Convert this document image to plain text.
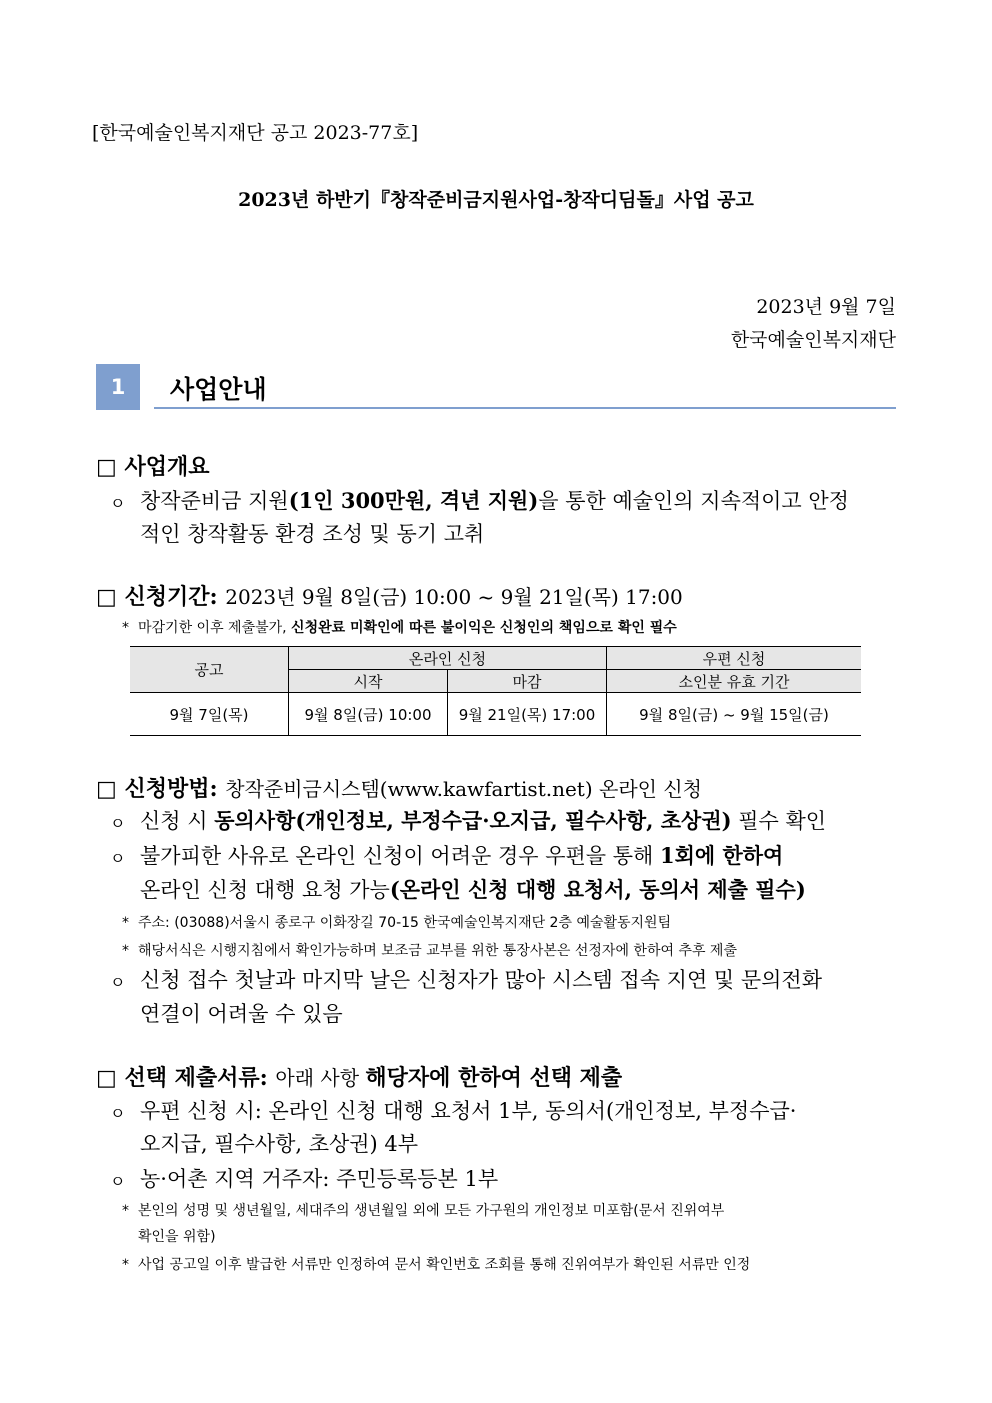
[한국예술인복지재단 공고 2023-77호]
2023년 하반기『창작준비금지원사업-창작디딤돌』사업 공고
2023년 9월 7일
한국예술인복지재단
1	사업안내
□ 사업개요
ㅇ 창작준비금 지원(1인 300만원, 격년 지원)을 통한 예술인의 지속적이고 안정
적인 창작활동 환경 조성 및 동기 고취
□ 신청기간: 2023년 9월 8일(금) 10:00 ~ 9월 21일(목) 17:00
* 마감기한 이후 제출불가, 신청완료 미확인에 따른 불이익은 신청인의 책임으로 확인 필수
공고	온라인 신청		우편 신청
	시작	마감	소인분 유효 기간
9월 7일(목)	9월 8일(금) 10:00	9월 21일(목) 17:00	9월 8일(금) ~ 9월 15일(금)
□ 신청방법: 창작준비금시스템(www.kawfartist.net) 온라인 신청
ㅇ 신청 시 동의사항(개인정보, 부정수급·오지급, 필수사항, 초상권) 필수 확인
ㅇ 불가피한 사유로 온라인 신청이 어려운 경우 우편을 통해 1회에 한하여
온라인 신청 대행 요청 가능(온라인 신청 대행 요청서, 동의서 제출 필수)
* 주소: (03088)서울시 종로구 이화장길 70-15 한국예술인복지재단 2층 예술활동지원팀
* 해당서식은 시행지침에서 확인가능하며 보조금 교부를 위한 통장사본은 선정자에 한하여 추후 제출
ㅇ 신청 접수 첫날과 마지막 날은 신청자가 많아 시스템 접속 지연 및 문의전화
연결이 어려울 수 있음
□ 선택 제출서류: 아래 사항 해당자에 한하여 선택 제출
ㅇ 우편 신청 시: 온라인 신청 대행 요청서 1부, 동의서(개인정보, 부정수급·
오지급, 필수사항, 초상권) 4부
ㅇ 농·어촌 지역 거주자: 주민등록등본 1부
* 본인의 성명 및 생년월일, 세대주의 생년월일 외에 모든 가구원의 개인정보 미포함(문서 진위여부
확인을 위함)
* 사업 공고일 이후 발급한 서류만 인정하여 문서 확인번호 조회를 통해 진위여부가 확인된 서류만 인정
